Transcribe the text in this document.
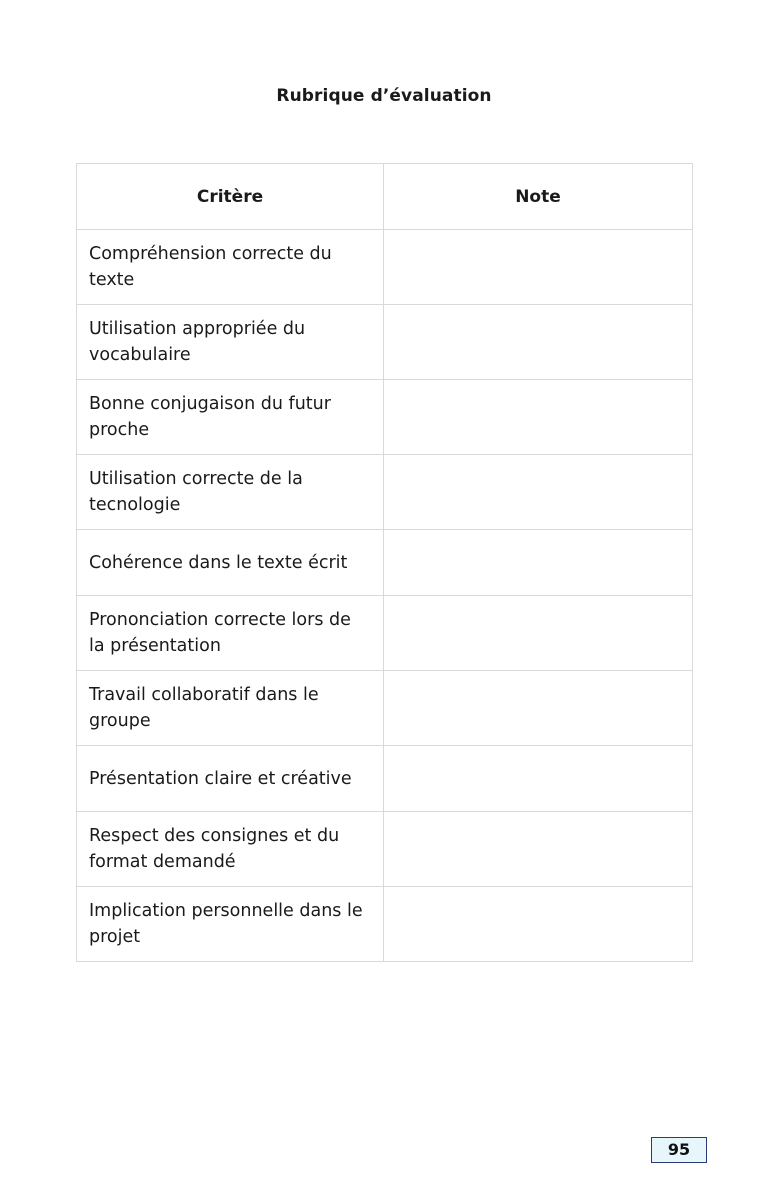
Rubrique d’évaluation
Critère	Note
Compréhension correcte du texte	
Utilisation appropriée du vocabulaire	
Bonne conjugaison du futur proche	
Utilisation correcte de la tecnologie	
Cohérence dans le texte écrit	
Prononciation correcte lors de la présentation	
Travail collaboratif dans le groupe	
Présentation claire et créative	
Respect des consignes et du format demandé	
Implication personnelle dans le projet	
95
